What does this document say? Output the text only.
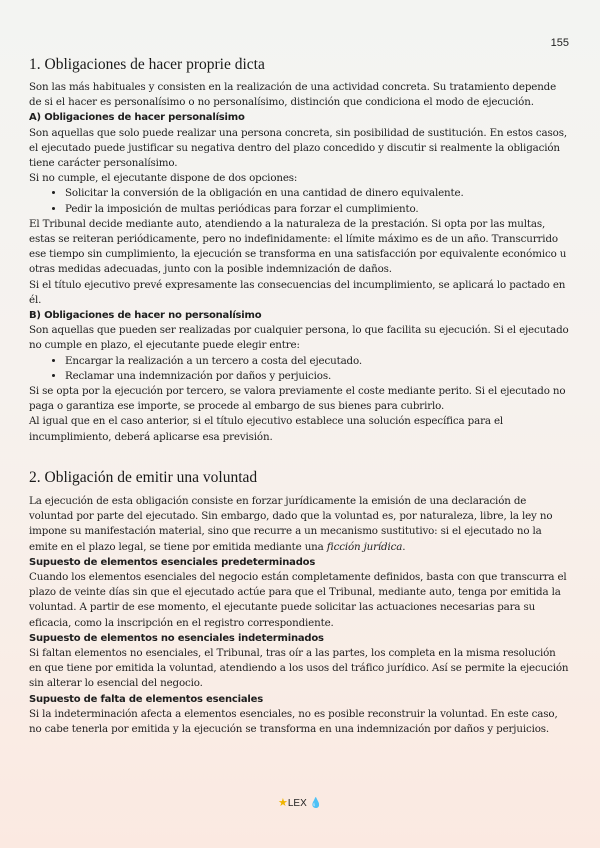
155
1. Obligaciones de hacer proprie dicta

Son las más habituales y consisten en la realización de una actividad concreta. Su tratamiento depende de si el hacer es personalísimo o no personalísimo, distinción que condiciona el modo de ejecución.

A) Obligaciones de hacer personalísimo

Son aquellas que solo puede realizar una persona concreta, sin posibilidad de sustitución. En estos casos, el ejecutado puede justificar su negativa dentro del plazo concedido y discutir si realmente la obligación tiene carácter personalísimo.

Si no cumple, el ejecutante dispone de dos opciones:

• Solicitar la conversión de la obligación en una cantidad de dinero equivalente.
• Pedir la imposición de multas periódicas para forzar el cumplimiento.

El Tribunal decide mediante auto, atendiendo a la naturaleza de la prestación. Si opta por las multas, estas se reiteran periódicamente, pero no indefinidamente: el límite máximo es de un año. Transcurrido ese tiempo sin cumplimiento, la ejecución se transforma en una satisfacción por equivalente económico u otras medidas adecuadas, junto con la posible indemnización de daños.

Si el título ejecutivo prevé expresamente las consecuencias del incumplimiento, se aplicará lo pactado en él.

B) Obligaciones de hacer no personalísimo

Son aquellas que pueden ser realizadas por cualquier persona, lo que facilita su ejecución. Si el ejecutado no cumple en plazo, el ejecutante puede elegir entre:

• Encargar la realización a un tercero a costa del ejecutado.
• Reclamar una indemnización por daños y perjuicios.

Si se opta por la ejecución por tercero, se valora previamente el coste mediante perito. Si el ejecutado no paga o garantiza ese importe, se procede al embargo de sus bienes para cubrirlo.

Al igual que en el caso anterior, si el título ejecutivo establece una solución específica para el incumplimiento, deberá aplicarse esa previsión.

2. Obligación de emitir una voluntad

La ejecución de esta obligación consiste en forzar jurídicamente la emisión de una declaración de voluntad por parte del ejecutado. Sin embargo, dado que la voluntad es, por naturaleza, libre, la ley no impone su manifestación material, sino que recurre a un mecanismo sustitutivo: si el ejecutado no la emite en el plazo legal, se tiene por emitida mediante una ficción jurídica.

Supuesto de elementos esenciales predeterminados

Cuando los elementos esenciales del negocio están completamente definidos, basta con que transcurra el plazo de veinte días sin que el ejecutado actúe para que el Tribunal, mediante auto, tenga por emitida la voluntad. A partir de ese momento, el ejecutante puede solicitar las actuaciones necesarias para su eficacia, como la inscripción en el registro correspondiente.

Supuesto de elementos no esenciales indeterminados

Si faltan elementos no esenciales, el Tribunal, tras oír a las partes, los completa en la misma resolución en que tiene por emitida la voluntad, atendiendo a los usos del tráfico jurídico. Así se permite la ejecución sin alterar lo esencial del negocio.

Supuesto de falta de elementos esenciales

Si la indeterminación afecta a elementos esenciales, no es posible reconstruir la voluntad. En este caso, no cabe tenerla por emitida y la ejecución se transforma en una indemnización por daños y perjuicios.

★LEX 💧
